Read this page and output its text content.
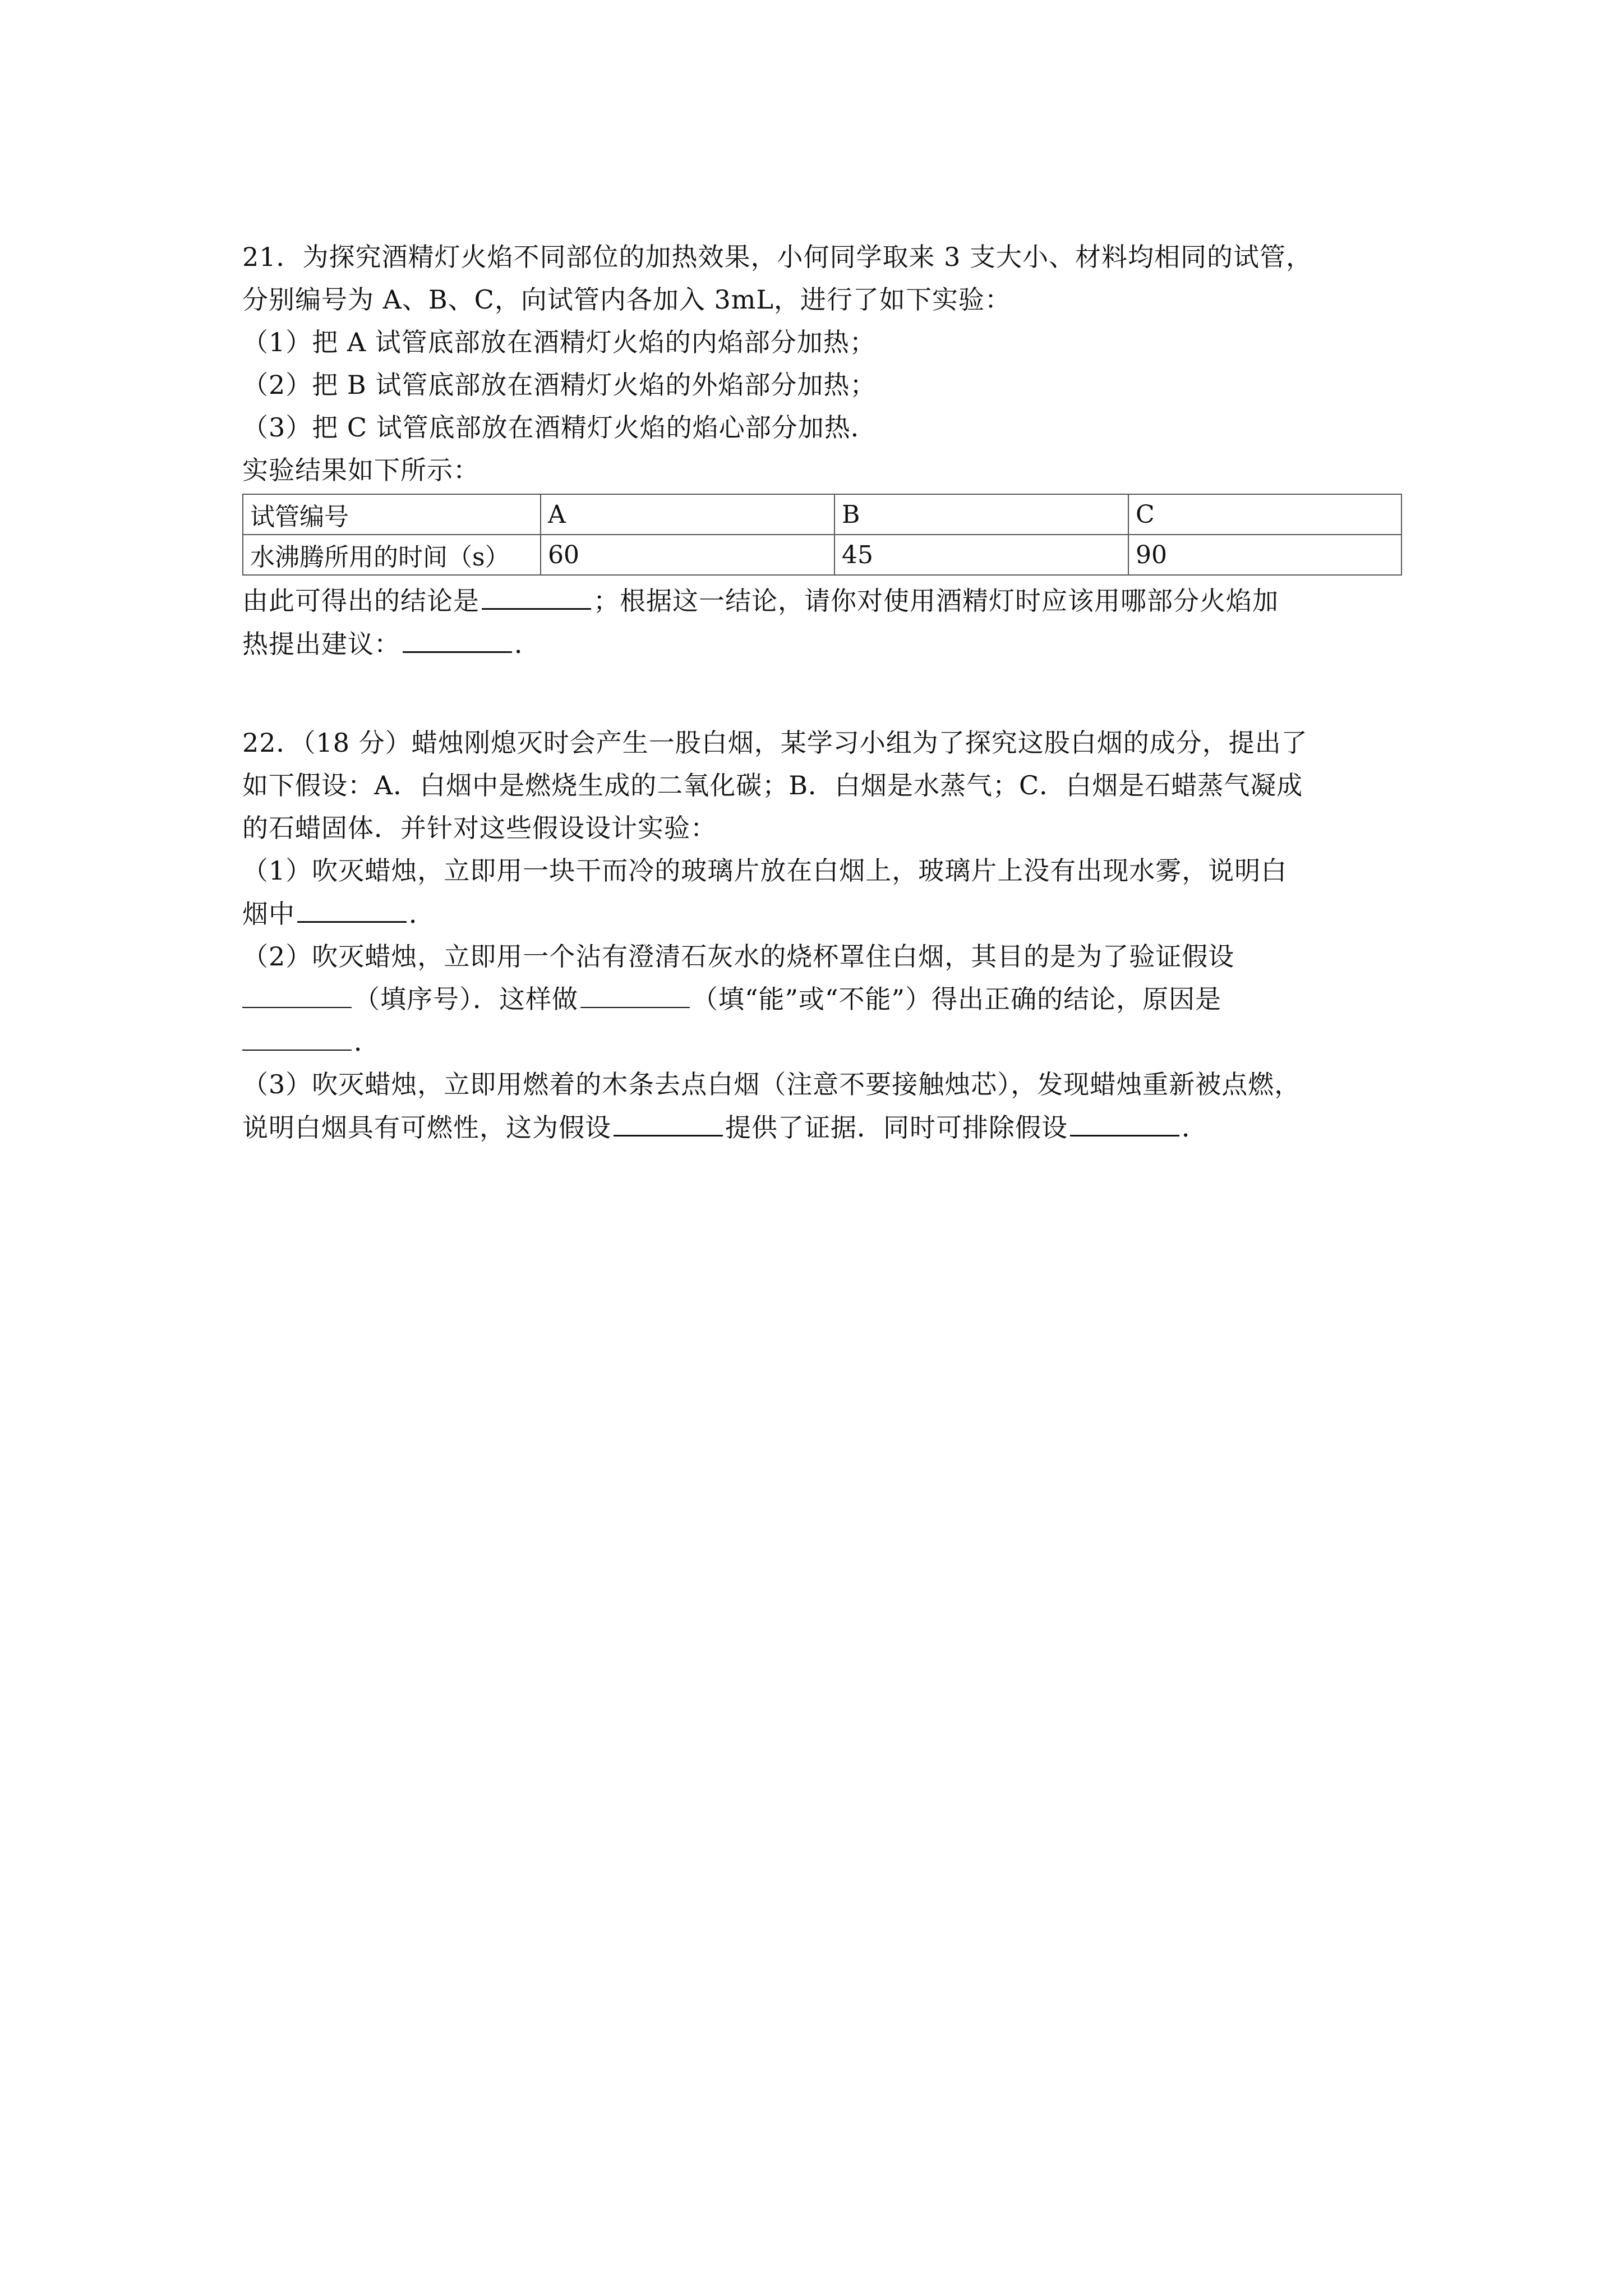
21．为探究酒精灯火焰不同部位的加热效果，小何同学取来 3 支大小、材料均相同的试管，
分别编号为 A、B、C，向试管内各加入 3mL，进行了如下实验：
（1）把 A 试管底部放在酒精灯火焰的内焰部分加热；
（2）把 B 试管底部放在酒精灯火焰的外焰部分加热；
（3）把 C 试管底部放在酒精灯火焰的焰心部分加热．
实验结果如下所示：
试管编号	A	B	C
水沸腾所用的时间（s）	60	45	90
由此可得出的结论是	；根据这一结论，请你对使用酒精灯时应该用哪部分火焰加
热提出建议：	．
22．（18 分）蜡烛刚熄灭时会产生一股白烟，某学习小组为了探究这股白烟的成分，提出了
如下假设：A．白烟中是燃烧生成的二氧化碳；B．白烟是水蒸气；C．白烟是石蜡蒸气凝成
的石蜡固体．并针对这些假设设计实验：
（1）吹灭蜡烛，立即用一块干而冷的玻璃片放在白烟上，玻璃片上没有出现水雾，说明白
烟中	．
（2）吹灭蜡烛，立即用一个沾有澄清石灰水的烧杯罩住白烟，其目的是为了验证假设
（填序号）．这样做	（填“能”或“不能”）得出正确的结论，原因是
．
（3）吹灭蜡烛，立即用燃着的木条去点白烟（注意不要接触烛芯），发现蜡烛重新被点燃，
说明白烟具有可燃性，这为假设	提供了证据．同时可排除假设	．
